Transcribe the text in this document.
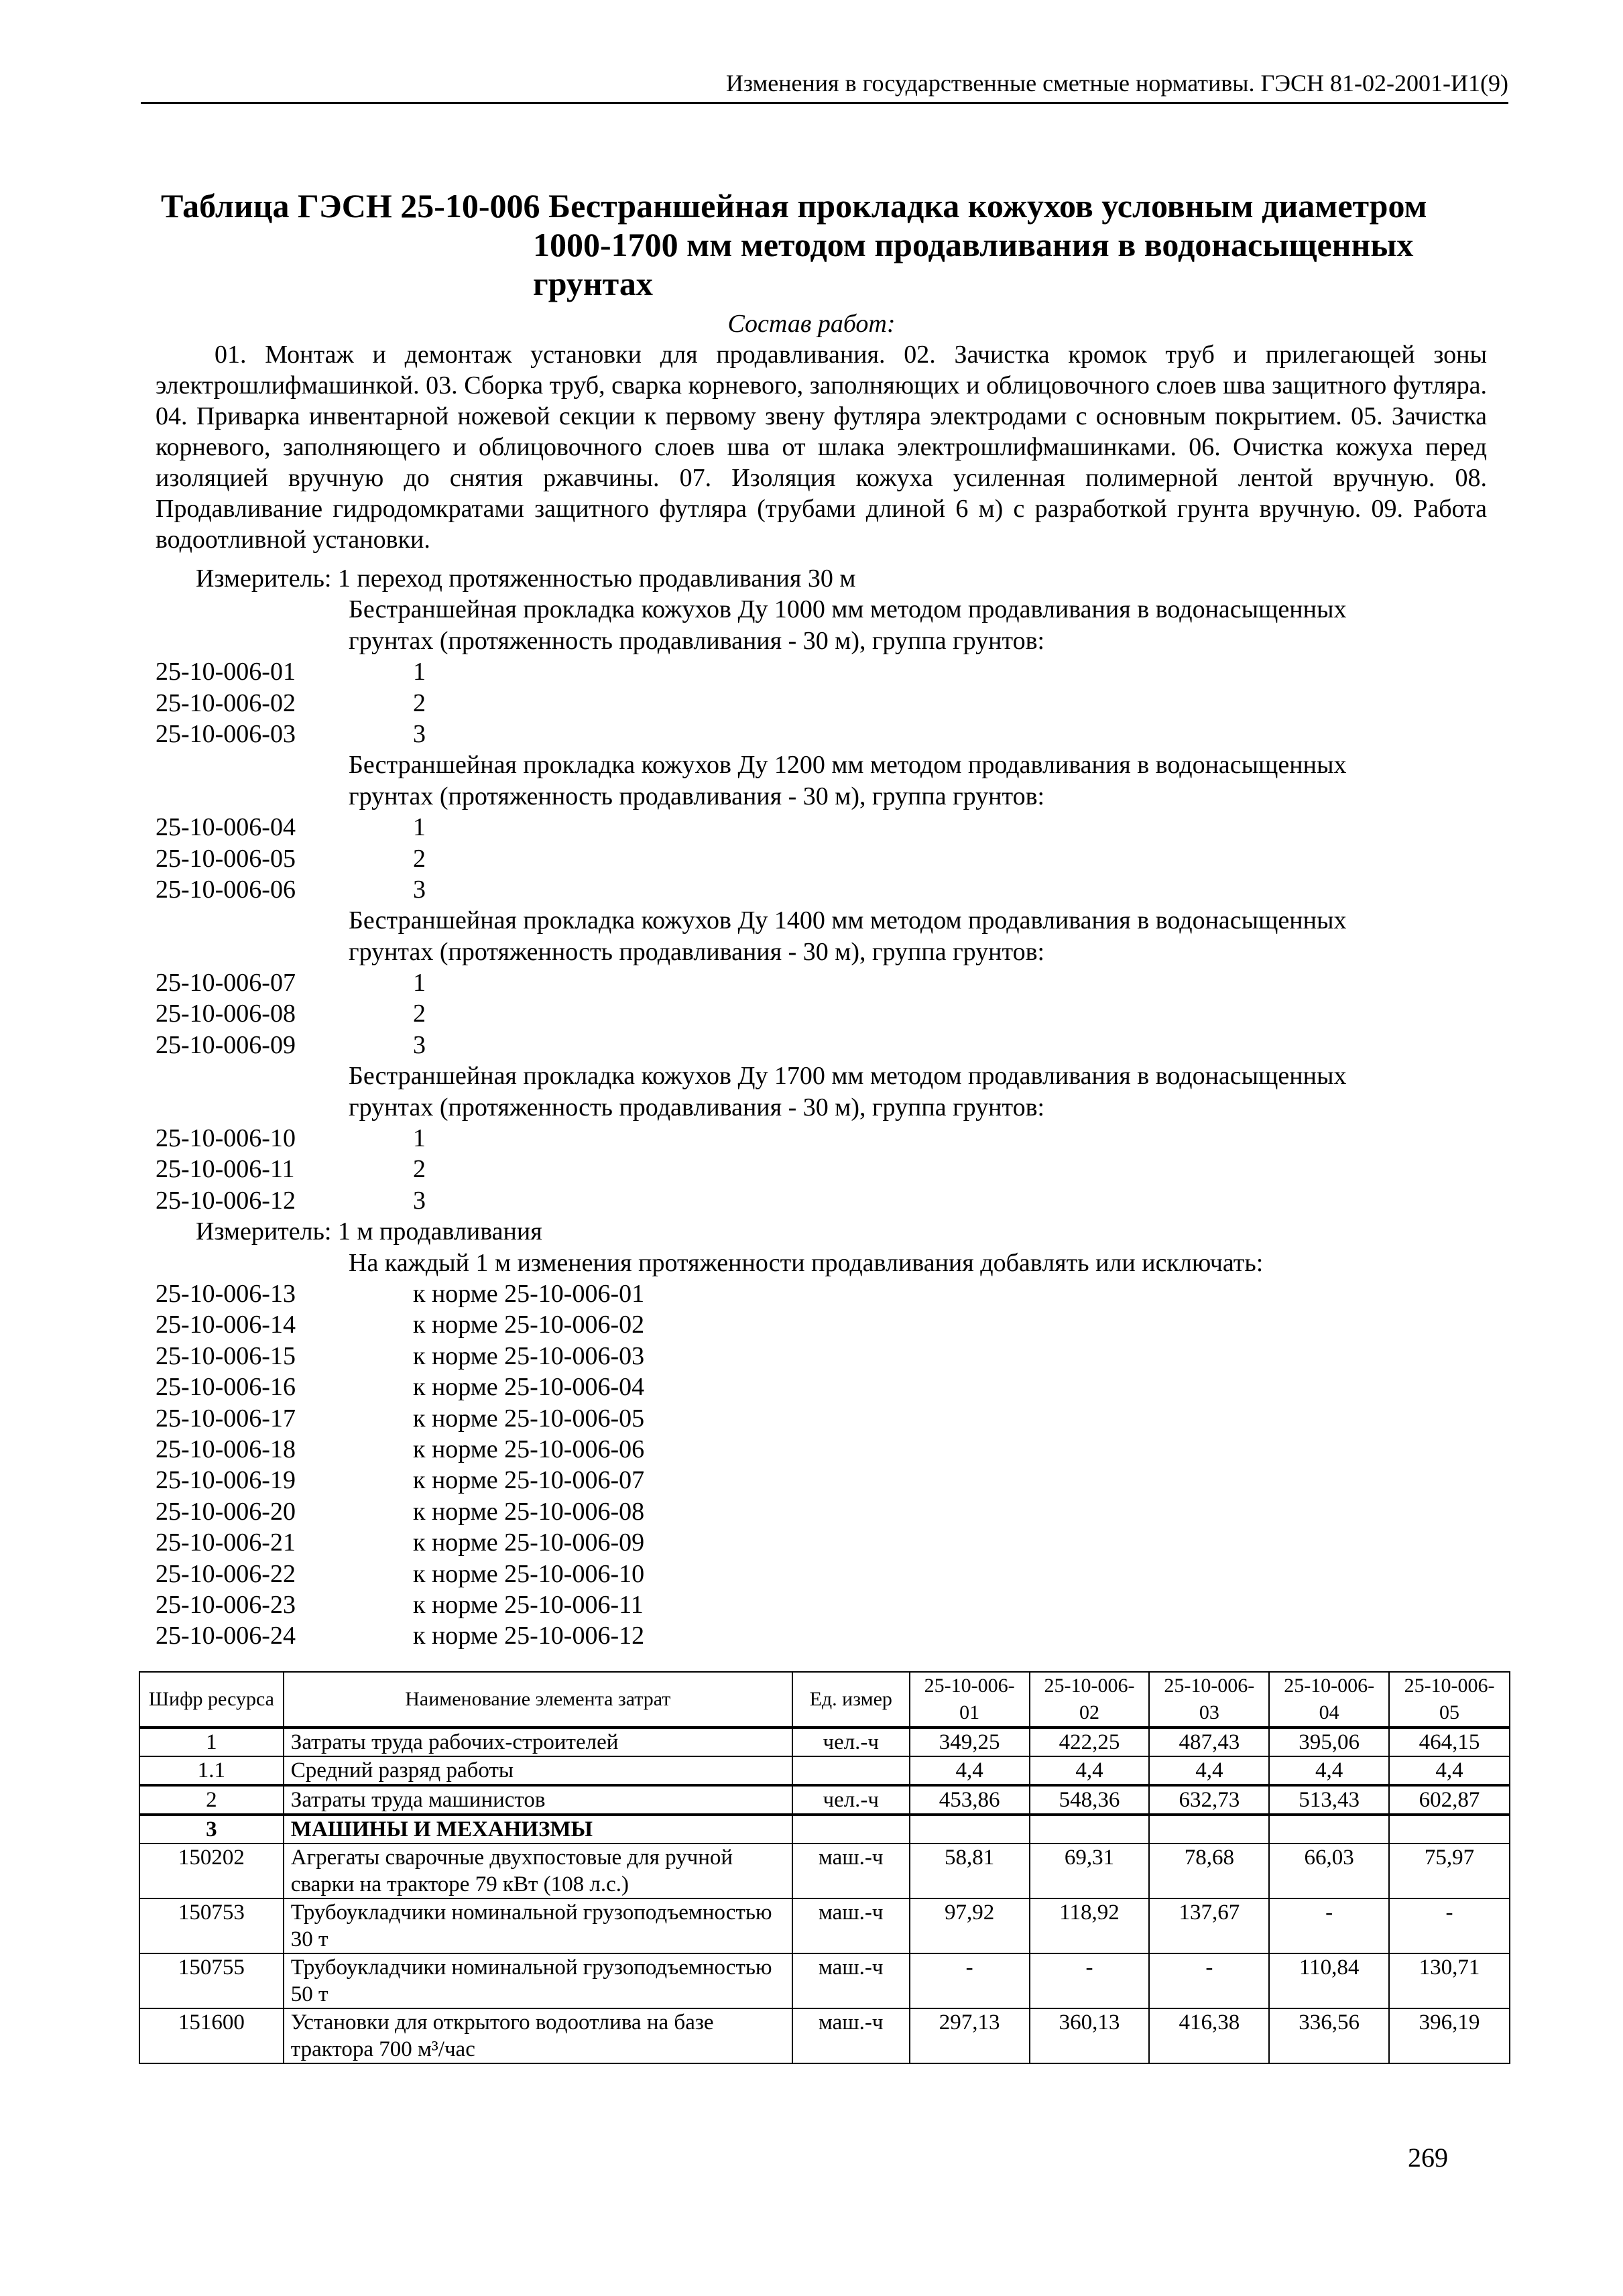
Изменения в государственные сметные нормативы. ГЭСН 81-02-2001-И1(9)
Таблица ГЭСН 25-10-006 Бестраншейная прокладка кожухов условным диаметром
1000-1700 мм методом продавливания в водонасыщенных
грунтах
Состав работ:
01. Монтаж и демонтаж установки для продавливания. 02. Зачистка кромок труб и прилегающей зоны электрошлифмашинкой. 03. Сборка труб, сварка корневого, заполняющих и облицовочного слоев шва защитного футляра. 04. Приварка инвентарной ножевой секции к первому звену футляра электродами с основным покрытием. 05. Зачистка корневого, заполняющего и облицовочного слоев шва от шлака электрошлифмашинками. 06. Очистка кожуха перед изоляцией вручную до снятия ржавчины. 07. Изоляция кожуха усиленная полимерной лентой вручную. 08. Продавливание гидродомкратами защитного футляра (трубами длиной 6 м) с разработкой грунта вручную. 09. Работа водоотливной установки.
Измеритель: 1 переход протяженностью продавливания 30 м
Бестраншейная прокладка кожухов Ду 1000 мм методом продавливания в водонасыщенных
грунтах (протяженность продавливания - 30 м), группа грунтов:
25-10-006-01	1
25-10-006-02	2
25-10-006-03	3
Бестраншейная прокладка кожухов Ду 1200 мм методом продавливания в водонасыщенных
грунтах (протяженность продавливания - 30 м), группа грунтов:
25-10-006-04	1
25-10-006-05	2
25-10-006-06	3
Бестраншейная прокладка кожухов Ду 1400 мм методом продавливания в водонасыщенных
грунтах (протяженность продавливания - 30 м), группа грунтов:
25-10-006-07	1
25-10-006-08	2
25-10-006-09	3
Бестраншейная прокладка кожухов Ду 1700 мм методом продавливания в водонасыщенных
грунтах (протяженность продавливания - 30 м), группа грунтов:
25-10-006-10	1
25-10-006-11	2
25-10-006-12	3
Измеритель: 1 м продавливания
На каждый 1 м изменения протяженности продавливания добавлять или исключать:
25-10-006-13	к норме 25-10-006-01
25-10-006-14	к норме 25-10-006-02
25-10-006-15	к норме 25-10-006-03
25-10-006-16	к норме 25-10-006-04
25-10-006-17	к норме 25-10-006-05
25-10-006-18	к норме 25-10-006-06
25-10-006-19	к норме 25-10-006-07
25-10-006-20	к норме 25-10-006-08
25-10-006-21	к норме 25-10-006-09
25-10-006-22	к норме 25-10-006-10
25-10-006-23	к норме 25-10-006-11
25-10-006-24	к норме 25-10-006-12
Шифр ресурса	Наименование элемента затрат	Ед. измер	25-10-006-01	25-10-006-02	25-10-006-03	25-10-006-04	25-10-006-05
1	Затраты труда рабочих-строителей	чел.-ч	349,25	422,25	487,43	395,06	464,15
1.1	Средний разряд работы		4,4	4,4	4,4	4,4	4,4
2	Затраты труда машинистов	чел.-ч	453,86	548,36	632,73	513,43	602,87
3	МАШИНЫ И МЕХАНИЗМЫ						
150202	Агрегаты сварочные двухпостовые для ручной сварки на тракторе 79 кВт (108 л.с.)	маш.-ч	58,81	69,31	78,68	66,03	75,97
150753	Трубоукладчики номинальной грузоподъемностью 30 т	маш.-ч	97,92	118,92	137,67	-	-
150755	Трубоукладчики номинальной грузоподъемностью 50 т	маш.-ч	-	-	-	110,84	130,71
151600	Установки для открытого водоотлива на базе трактора 700 м³/час	маш.-ч	297,13	360,13	416,38	336,56	396,19
269
